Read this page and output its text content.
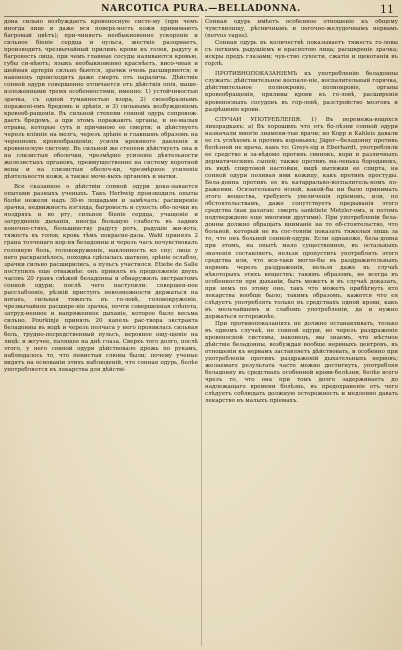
NARCOTICA PURA.—BELLADONNA.	11

дона сильно возбуждаетъ кровеносную систе-му (при чемъ иногда лице и даже вся поверх-ность кожи принимаютъ багровый цвѣтъ); при-чиняетъ необыкновенно ускореніе и сильное біеніе сердца и пульса, жесткіе разорваетъ, производитъ чрезвычайный приливъ крови къ голов, радугу и багровость лица, при чемъ главные сосуды наливаются кровью, губы си-нѣютъ; языкъ необыкновенно краснѣетъ, висо-чныя и шейныя артеріи сильно бьются, зрачки очень расширяются; и наконецъ происходитъ даже смерть отъ паралича. Дѣйствіе сонной одури совершенно отличается отъ дѣйствія опія, выше-изложенными тремя особенностями, именно: 1) устойчивостью зрачка, съ одной туманностью взора, 2) своеобразнымъ поражені-емъ бредомъ и зрѣнія, и 3) сильнымъ возбужденіемъ кровооб-ращенія. Въ сильной степени сонной одурь сопровож-даетъ бредомъ, а при этомъ поражаютъ органы, и не-малыя отравы, которые суть и причиною ее смерти; и дѣйствуетъ черезъ вліяніе на мозгъ, черезъ зрѣніе и главнымъ образомъ на черепномъ кровообращеніи; усилія кровяного давленія и кровеносную систему. Въ сильной же степени дѣйствуетъ она и на слизистыя оболочки, чрезмѣрно усиленіе дѣятельности железистыхъ органовъ, преимущественно на систему воротной вены и на слизистыя оболоч-ки, чрезмѣрное усиленіе дѣятельности кожи, а также моче-выхъ органовъ и матки.

Все сказанное о дѣйствіи сонной одури дока-зывается опытами разныхъ ученыхъ. Такъ Herbwig производилъ опыты болѣе нежели надъ 30-ю лошадьми и замѣчалъ: расширеніе зрачка, недвижность взгляда, багровость и сухость обо-лочки въ ноздряхъ и во рту, сильное біеніе сердца, учащеніе и затрудненіе дыханія, иногда большую слабость въ задних конечно-стяхъ, большинству радугу ротъ, радушіе жи-вота, тяжесть въ голов, кровь тѣмъ покрасне-дала. Wahl принялъ 2 грана толченаго кор-ня беладонны и черезъ часъ почувствовалъ головную боль, головокруженіе, наклонность ко сну; лице у него раскраснѣлось, походка сдѣлалась шаткою, зрѣніе ослабло, зрачки сильно расширились, а пульсъ участился. Etiebe de Salle поступилъ еще отважнѣе: онъ принялъ въ продолженіе двухъ часовъ 20 гранъ свѣжей беладонны и обнаружилъ экстрактомъ сонной одури; послѣ чего наступили: совершен-ное расслабленіе, рѣзкій приступъ невозможности держаться на ногахъ, сильная тяжесть въ го-ловѣ, головокруженіе, чрезвычайное расшире-ніе зрачка, почти совершенная слѣпота, затруд-ненное и напряженное дыханіе, которое было весьма сильно. Pourkinje принялъ 20 капель рас-твора экстракта беладонны въ водѣ и черезъ полчаса у него проявилась сильная боль, трудно-посредственный пульсъ, неровное ощу-щеніе на лицѣ: и жгучее, палящее на днѣ глаза. Сверхъ того долго, послѣ этого, у него сонной одури дѣйствовало дрожь по рукамъ, наблюдалось то, что пенистыя слюны были; почему ученые видятъ на основаніи этихъ наблюденій, что сонная одурь, болѣе употребляется въ лекарства для дѣйстві-

Сонная одурь имѣетъ особенное отношеніе къ общему чувствилищу, рѣсничнымъ и легочно-желудочнымъ нервамъ (nervus vagus).

Сонная одурь въ количествѣ показываетъ тяжесть го-ловы съ легкимъ радушіемъ и краснотою лица; расширеніе зрачка; искры предъ глазами; чув-ство сухости, сжатія и щекотанія въ горлѣ.

ПРОТИВНОПОКАЗАНІЕМЪ къ употребленію беладонны служатъ: дѣйствительное воспале-ніе, воспалительный горячка, дѣйствительное полнокровіе, полнокровіе, органы кровеобращенія, приливы крови къ го-ловѣ, расширенія кровеносныхъ сосудовъ въ гор-ловѣ, разстройство мозговъ и разрѣшеніе крови.

СЛУЧАИ УПОТРЕБЛЕНІЯ. 1) Въ перемежа-ющихся лихорадкахъ: а) Въ хорошихъ что отъ бо-лѣзни сонной одури назначали многіе знамени-тые врачи; но Kopp и Kahleis давали ее съ успѣхомъ и противъ коровьихъ; Jäger—беладонну противъ болѣзней не врача, какъ то: Greys-sig и Eberhardt, употребляли ее средство и за-вѣдомо противъ свинокъ, кори и различныхъ дерматическихъ сыпей; также противъ ма-ленька бородавокъ, въ видѣ спиртовой настойки, видѣ вытяжки ее спирта, на сонной одури поливая ими кожицу, какъ противъ простуды. Бела-донна противъ ее въ катаррально-воспалитель-номъ по-ражении. Осязательнаго ясной, какой-бы ни было принимать этого вещества, требуютъ увеличенія пріемовъ, или, по обстоятельствамъ, даже сопутствуетъ прерыванія этого средства (как далагае: смерть sanktiete Metzler-омъ, и потомъ подтверждено еще многими другими). При употребленіи бела-донны должно обращать вниманіе на то об-стоятельство, что больной, который не въ сос-тояніи показать тяжелыя лишь за то, что онъ больной сонной-одури. Если однакоже, бела-донна при этомъ, на опытѣ мало существенное, въ остальныхъ значенія составляетъ, нельзя пропустить употреблять этого средства или, что все-таки могло-бы въ раздражительныхъ нервовъ черезъ раздраженія, нельзя даже въ случаѣ нѣкоторыхъ этихъ веществъ; такимъ образомъ, не всегда въ особенности при дыханіи, быть можетъ и въ случаѣ доказать, при немъ по этому оно, такъ что можетъ прибѣгнуть кто лекарства вообще было; такимъ образомъ, кажется что ея слѣдуетъ употреблять только въ средствахъ одной крови, какъ въ мельчайшемъ и слабомъ употребленіи, да и нужно держаться осторожнѣе.

При противопоказаніяхъ не должно останавливать, только въ одномъ случаѣ, не сонной одури, но черезъ раздраженіе кровеносной системы, наконецъ, мы знаемъ, что мѣстное дѣйствіе беладонны, возбуждая вообще нервныхъ центровъ, въ отношеніи къ нервамъ заставляетъ дѣйствовать, и особенно при употребленіи противъ раздраженій дыхательныхъ нервовъ; желаемаго результата часто можно достигнуть, употребляя беладонну въ средствахъ особенной крови-болѣзни, болѣе всего чрезъ то, что она при томъ долго задерживаетъ до надлежащаго времени болѣзнь, въ предохраненіе отъ чего слѣдуетъ соблюдать должную осторожность и медленно давать лекарство въ малыхъ пріемахъ.
